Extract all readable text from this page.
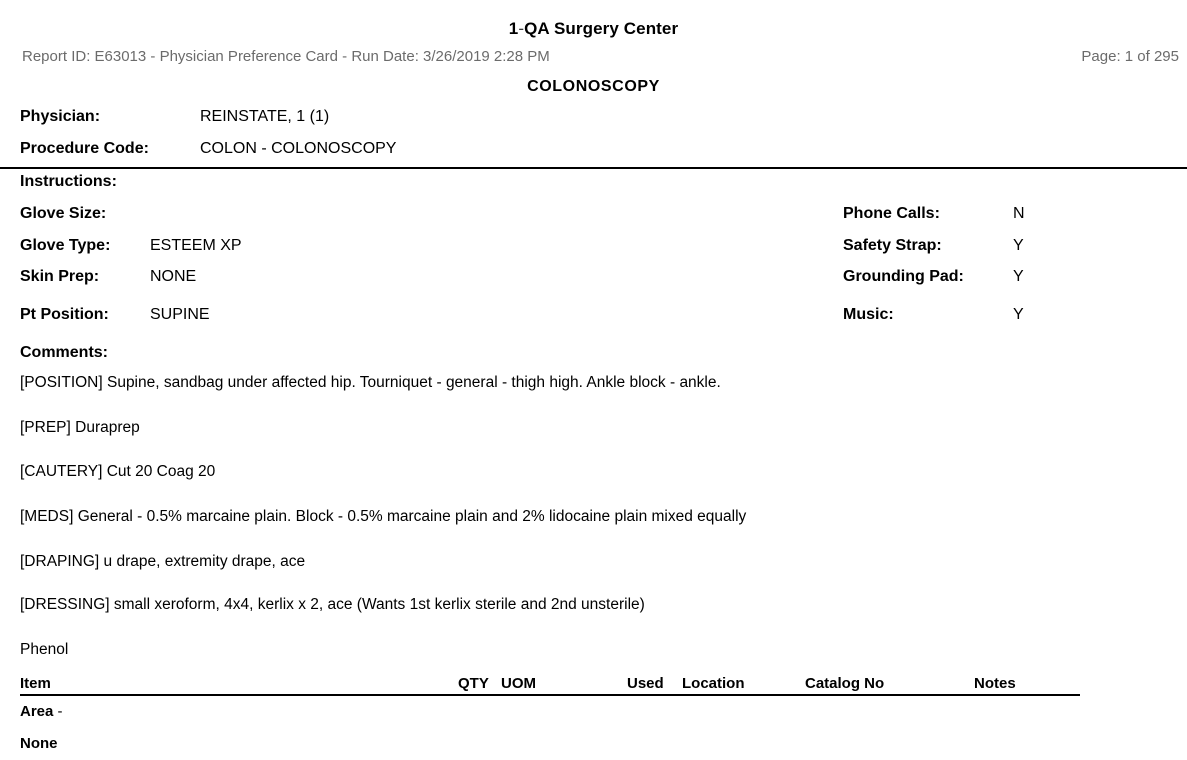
1-QA Surgery Center
Report ID: E63013 - Physician Preference Card - Run Date: 3/26/2019 2:28 PM	Page: 1 of 295
COLONOSCOPY
Physician:	REINSTATE, 1 (1)
Procedure Code:	COLON - COLONOSCOPY
Instructions:
Glove Size:
Glove Type: ESTEEM XP
Skin Prep:	NONE
Pt Position:	SUPINE
Phone Calls:	N
Safety Strap:	Y
Grounding Pad:	Y
Music:	Y
Comments:
[POSITION] Supine, sandbag under affected hip. Tourniquet - general - thigh high. Ankle block - ankle.
[PREP] Duraprep
[CAUTERY] Cut 20 Coag 20
[MEDS] General - 0.5% marcaine plain. Block - 0.5% marcaine plain and 2% lidocaine plain mixed equally
[DRAPING] u drape, extremity drape, ace
[DRESSING] small xeroform, 4x4, kerlix x 2, ace (Wants 1st kerlix sterile and 2nd unsterile)
Phenol
Item	QTY UOM	Used Location	Catalog No	Notes
Area -
None
